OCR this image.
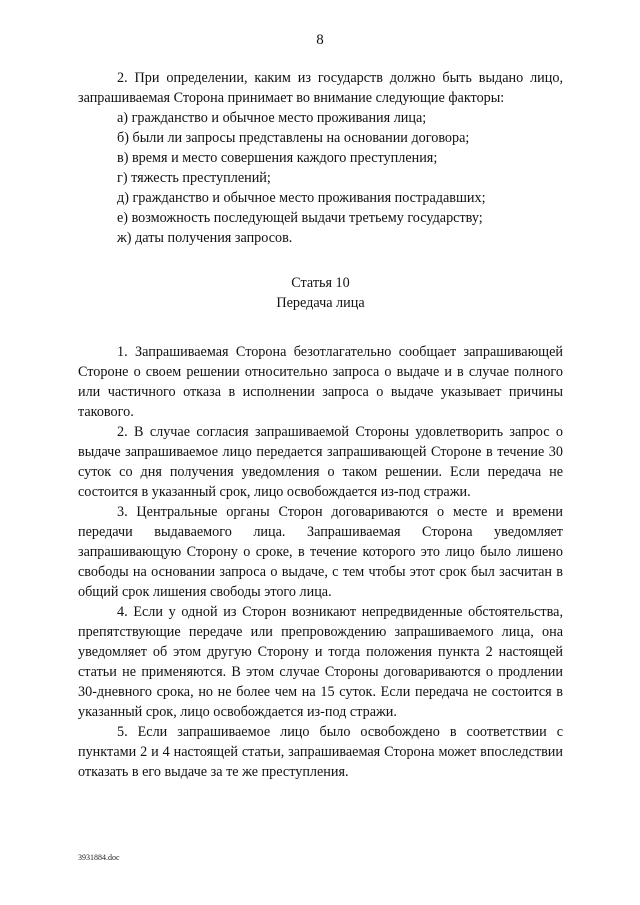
8

2. При определении, каким из государств должно быть выдано лицо, запрашиваемая Сторона принимает во внимание следующие факторы:

а) гражданство и обычное место проживания лица;

б) были ли запросы представлены на основании договора;

в) время и место совершения каждого преступления;

г) тяжесть преступлений;

д) гражданство и обычное место проживания пострадавших;

е) возможность последующей выдачи третьему государству;

ж) даты получения запросов.

Статья 10

Передача лица

1. Запрашиваемая Сторона безотлагательно сообщает запрашивающей Стороне о своем решении относительно запроса о выдаче и в случае полного или частичного отказа в исполнении запроса о выдаче указывает причины такового.

2. В случае согласия запрашиваемой Стороны удовлетворить запрос о выдаче запрашиваемое лицо передается запрашивающей Стороне в течение 30 суток со дня получения уведомления о таком решении. Если передача не состоится в указанный срок, лицо освобождается из-под стражи.

3. Центральные органы Сторон договариваются о месте и времени передачи выдаваемого лица. Запрашиваемая Сторона уведомляет запрашивающую Сторону о сроке, в течение которого это лицо было лишено свободы на основании запроса о выдаче, с тем чтобы этот срок был засчитан в общий срок лишения свободы этого лица.

4. Если у одной из Сторон возникают непредвиденные обстоятельства, препятствующие передаче или препровождению запрашиваемого лица, она уведомляет об этом другую Сторону и тогда положения пункта 2 настоящей статьи не применяются. В этом случае Стороны договариваются о продлении 30-дневного срока, но не более чем на 15 суток. Если передача не состоится в указанный срок, лицо освобождается из-под стражи.

5. Если запрашиваемое лицо было освобождено в соответствии с пунктами 2 и 4 настоящей статьи, запрашиваемая Сторона может впоследствии отказать в его выдаче за те же преступления.

3931884.doc
